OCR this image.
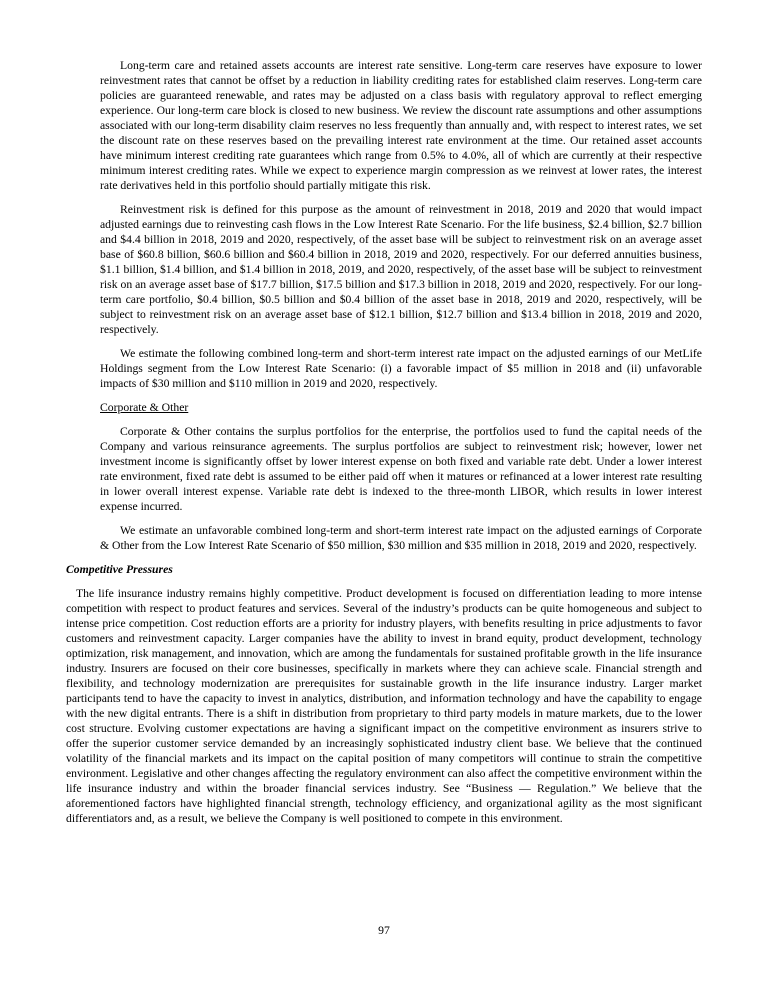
Long-term care and retained assets accounts are interest rate sensitive. Long-term care reserves have exposure to lower reinvestment rates that cannot be offset by a reduction in liability crediting rates for established claim reserves. Long-term care policies are guaranteed renewable, and rates may be adjusted on a class basis with regulatory approval to reflect emerging experience. Our long-term care block is closed to new business. We review the discount rate assumptions and other assumptions associated with our long-term disability claim reserves no less frequently than annually and, with respect to interest rates, we set the discount rate on these reserves based on the prevailing interest rate environment at the time. Our retained asset accounts have minimum interest crediting rate guarantees which range from 0.5% to 4.0%, all of which are currently at their respective minimum interest crediting rates. While we expect to experience margin compression as we reinvest at lower rates, the interest rate derivatives held in this portfolio should partially mitigate this risk.

Reinvestment risk is defined for this purpose as the amount of reinvestment in 2018, 2019 and 2020 that would impact adjusted earnings due to reinvesting cash flows in the Low Interest Rate Scenario. For the life business, $2.4 billion, $2.7 billion and $4.4 billion in 2018, 2019 and 2020, respectively, of the asset base will be subject to reinvestment risk on an average asset base of $60.8 billion, $60.6 billion and $60.4 billion in 2018, 2019 and 2020, respectively. For our deferred annuities business, $1.1 billion, $1.4 billion, and $1.4 billion in 2018, 2019, and 2020, respectively, of the asset base will be subject to reinvestment risk on an average asset base of $17.7 billion, $17.5 billion and $17.3 billion in 2018, 2019 and 2020, respectively. For our long-term care portfolio, $0.4 billion, $0.5 billion and $0.4 billion of the asset base in 2018, 2019 and 2020, respectively, will be subject to reinvestment risk on an average asset base of $12.1 billion, $12.7 billion and $13.4 billion in 2018, 2019 and 2020, respectively.

We estimate the following combined long-term and short-term interest rate impact on the adjusted earnings of our MetLife Holdings segment from the Low Interest Rate Scenario: (i) a favorable impact of $5 million in 2018 and (ii) unfavorable impacts of $30 million and $110 million in 2019 and 2020, respectively.

Corporate & Other

Corporate & Other contains the surplus portfolios for the enterprise, the portfolios used to fund the capital needs of the Company and various reinsurance agreements. The surplus portfolios are subject to reinvestment risk; however, lower net investment income is significantly offset by lower interest expense on both fixed and variable rate debt. Under a lower interest rate environment, fixed rate debt is assumed to be either paid off when it matures or refinanced at a lower interest rate resulting in lower overall interest expense. Variable rate debt is indexed to the three-month LIBOR, which results in lower interest expense incurred.

We estimate an unfavorable combined long-term and short-term interest rate impact on the adjusted earnings of Corporate & Other from the Low Interest Rate Scenario of $50 million, $30 million and $35 million in 2018, 2019 and 2020, respectively.

Competitive Pressures

The life insurance industry remains highly competitive. Product development is focused on differentiation leading to more intense competition with respect to product features and services. Several of the industry’s products can be quite homogeneous and subject to intense price competition. Cost reduction efforts are a priority for industry players, with benefits resulting in price adjustments to favor customers and reinvestment capacity. Larger companies have the ability to invest in brand equity, product development, technology optimization, risk management, and innovation, which are among the fundamentals for sustained profitable growth in the life insurance industry. Insurers are focused on their core businesses, specifically in markets where they can achieve scale. Financial strength and flexibility, and technology modernization are prerequisites for sustainable growth in the life insurance industry. Larger market participants tend to have the capacity to invest in analytics, distribution, and information technology and have the capability to engage with the new digital entrants. There is a shift in distribution from proprietary to third party models in mature markets, due to the lower cost structure. Evolving customer expectations are having a significant impact on the competitive environment as insurers strive to offer the superior customer service demanded by an increasingly sophisticated industry client base. We believe that the continued volatility of the financial markets and its impact on the capital position of many competitors will continue to strain the competitive environment. Legislative and other changes affecting the regulatory environment can also affect the competitive environment within the life insurance industry and within the broader financial services industry. See “Business — Regulation.” We believe that the aforementioned factors have highlighted financial strength, technology efficiency, and organizational agility as the most significant differentiators and, as a result, we believe the Company is well positioned to compete in this environment.

97
